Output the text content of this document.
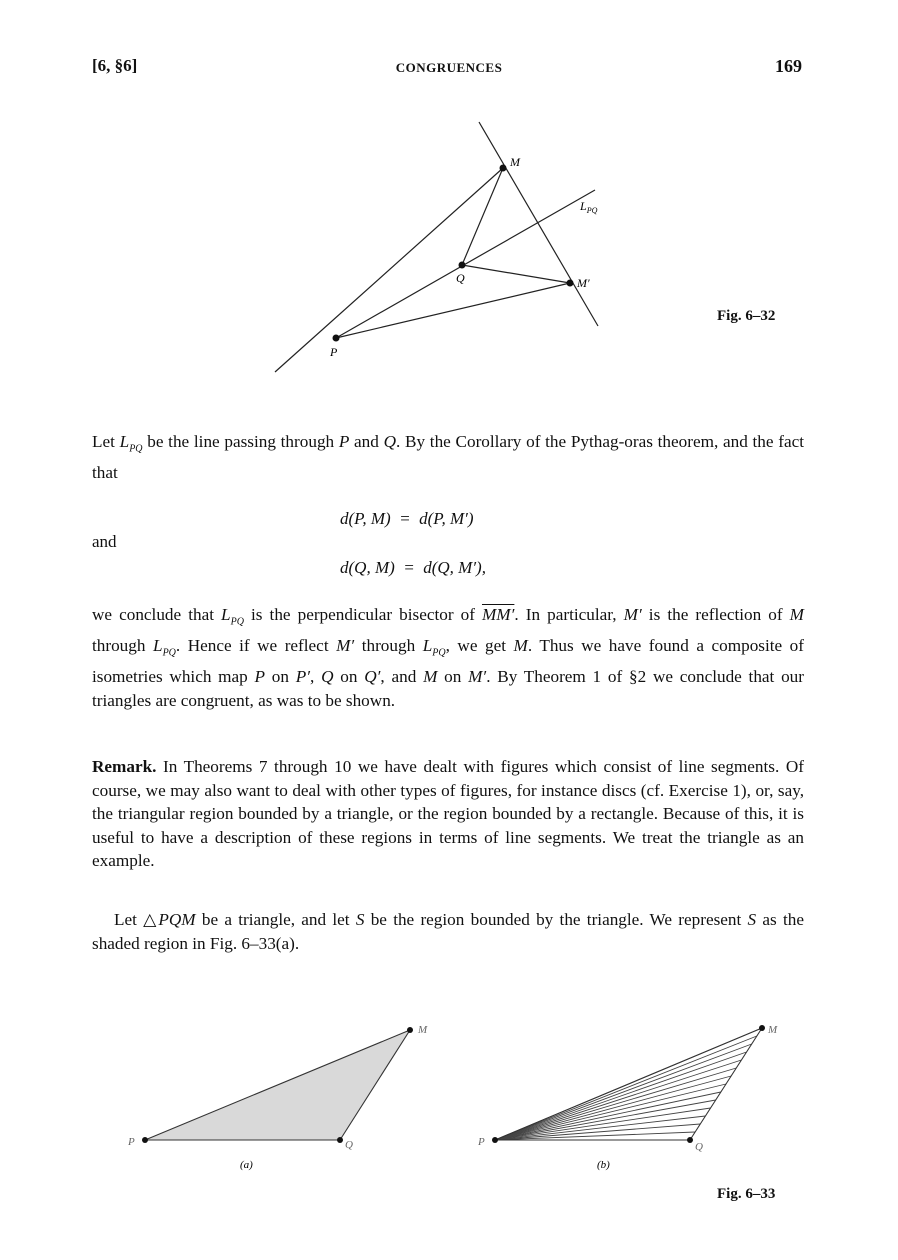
[6, §6]	CONGRUENCES	169
M
Q	M′
P
$L_{PQ}$
Fig. 6–32

Let $L_{PQ}$ be the line passing through P and Q. By the Corollary of the Pythag-oras theorem, and the fact that

d(P, M)  =  d(P, M′)
and
d(Q, M)  =  d(Q, M′),

we conclude that $L_{PQ}$ is the perpendicular bisector of MM′. In particular, M′ is the reflection of M through $L_{PQ}$. Hence if we reflect M′ through $L_{PQ}$, we get M. Thus we have found a composite of isometries which map P on P′, Q on Q′, and M on M′. By Theorem 1 of §2 we conclude that our triangles are congruent, as was to be shown.

Remark. In Theorems 7 through 10 we have dealt with figures which consist of line segments. Of course, we may also want to deal with other types of figures, for instance discs (cf. Exercise 1), or, say, the triangular region bounded by a triangle, or the region bounded by a rectangle. Because of this, it is useful to have a description of these regions in terms of line segments. We treat the triangle as an example.

Let △PQM be a triangle, and let S be the region bounded by the triangle. We represent S as the shaded region in Fig. 6–33(a).

P	Q
M
(a)
P	Q
M
(b)
Fig. 6–33
